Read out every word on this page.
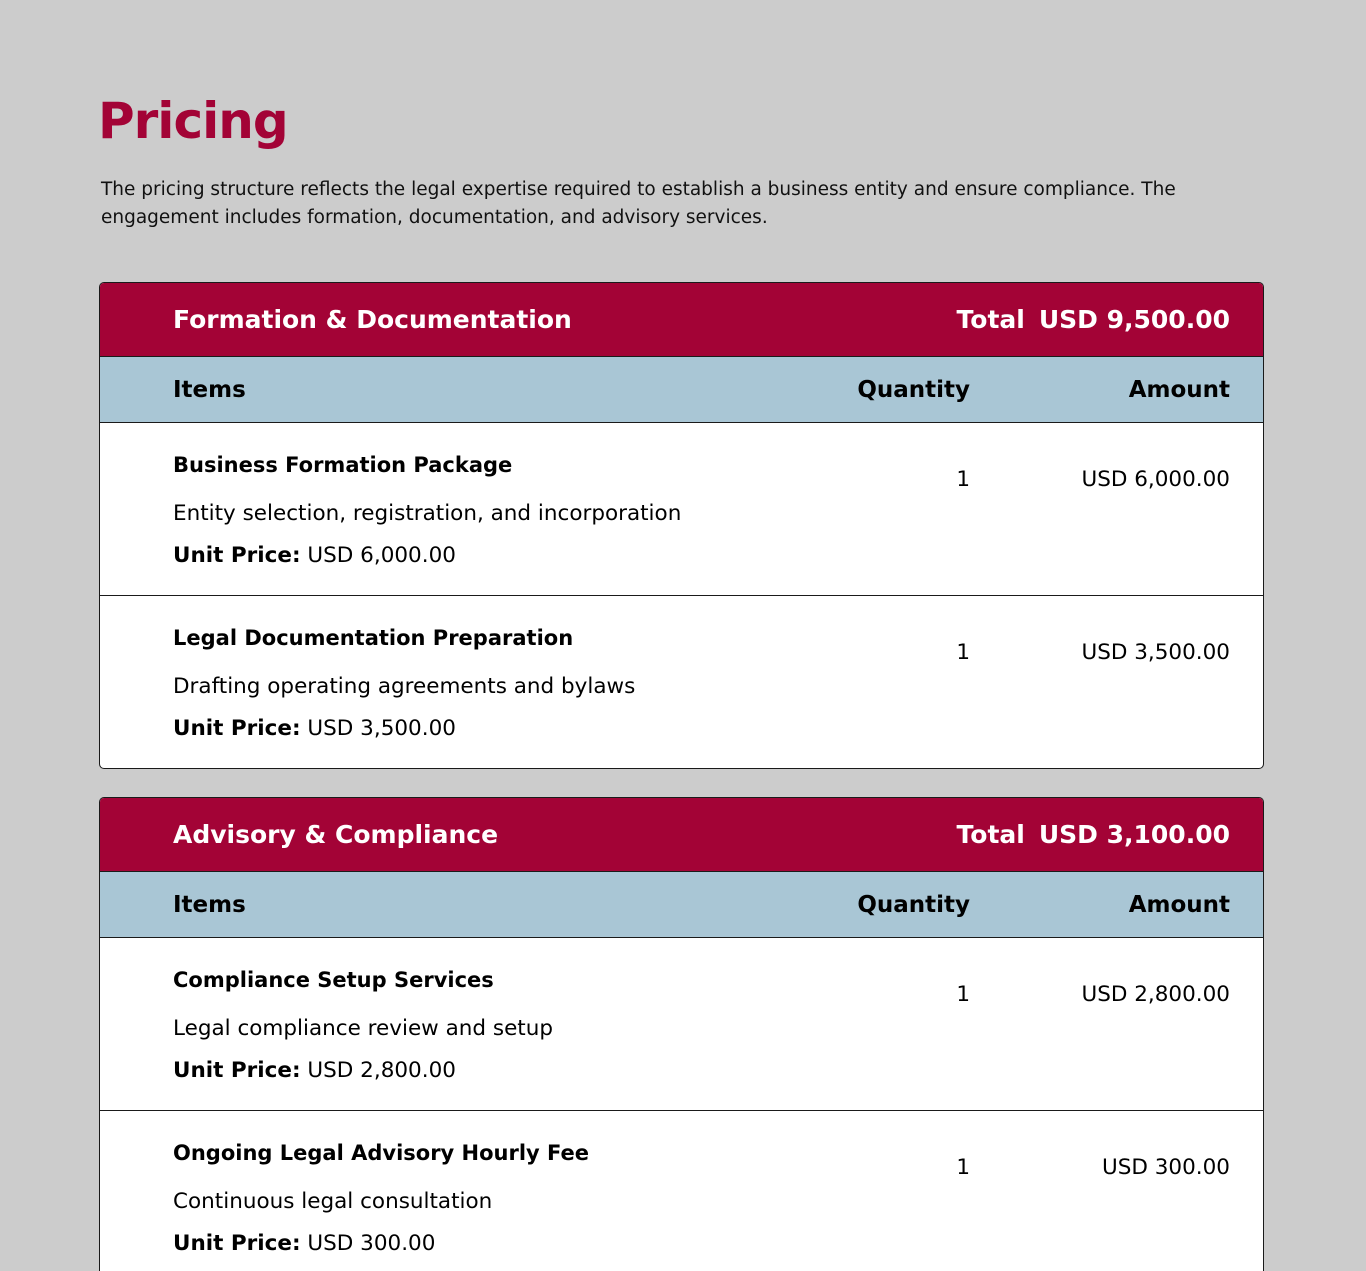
Pricing

The pricing structure reflects the legal expertise required to establish a business entity and ensure compliance. The engagement includes formation, documentation, and advisory services.

Formation & Documentation	Total USD 9,500.00
Items	Quantity	Amount
Business Formation Package
Entity selection, registration, and incorporation
Unit Price: USD 6,000.00
1	USD 6,000.00
Legal Documentation Preparation
Drafting operating agreements and bylaws
Unit Price: USD 3,500.00
1	USD 3,500.00
Advisory & Compliance	Total USD 3,100.00
Items	Quantity	Amount
Compliance Setup Services
Legal compliance review and setup
Unit Price: USD 2,800.00
1	USD 2,800.00
Ongoing Legal Advisory Hourly Fee
Continuous legal consultation
Unit Price: USD 300.00
1	USD 300.00
